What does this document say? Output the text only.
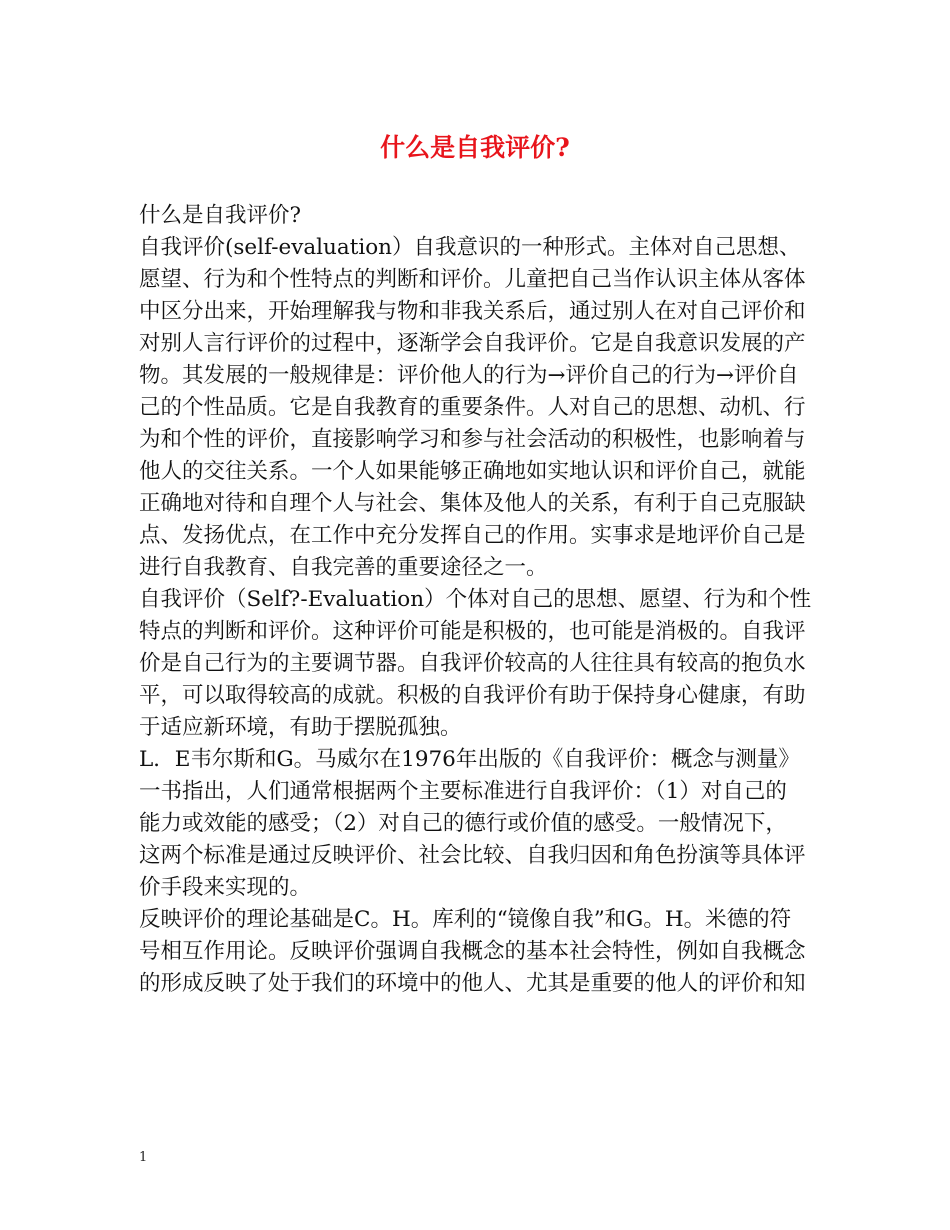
什么是自我评价?
什么是自我评价?
自我评价(self-evaluation）自我意识的一种形式。主体对自己思想、
愿望、行为和个性特点的判断和评价。儿童把自己当作认识主体从客体
中区分出来，开始理解我与物和非我关系后，通过别人在对自己评价和
对别人言行评价的过程中，逐渐学会自我评价。它是自我意识发展的产
物。其发展的一般规律是：评价他人的行为→评价自己的行为→评价自
己的个性品质。它是自我教育的重要条件。人对自己的思想、动机、行
为和个性的评价，直接影响学习和参与社会活动的积极性，也影响着与
他人的交往关系。一个人如果能够正确地如实地认识和评价自己，就能
正确地对待和自理个人与社会、集体及他人的关系，有利于自己克服缺
点、发扬优点，在工作中充分发挥自己的作用。实事求是地评价自己是
进行自我教育、自我完善的重要途径之一。
自我评价（Self?-Evaluation）个体对自己的思想、愿望、行为和个性
特点的判断和评价。这种评价可能是积极的，也可能是消极的。自我评
价是自己行为的主要调节器。自我评价较高的人往往具有较高的抱负水
平，可以取得较高的成就。积极的自我评价有助于保持身心健康，有助
于适应新环境，有助于摆脱孤独。
L．E韦尔斯和G。马威尔在1976年出版的《自我评价：概念与测量》
一书指出，人们通常根据两个主要标准进行自我评价：（1）对自己的
能力或效能的感受；（2）对自己的德行或价值的感受。一般情况下，
这两个标准是通过反映评价、社会比较、自我归因和角色扮演等具体评
价手段来实现的。
反映评价的理论基础是C。H。库利的“镜像自我”和G。H。米德的符
号相互作用论。反映评价强调自我概念的基本社会特性，例如自我概念
的形成反映了处于我们的环境中的他人、尤其是重要的他人的评价和知
1
